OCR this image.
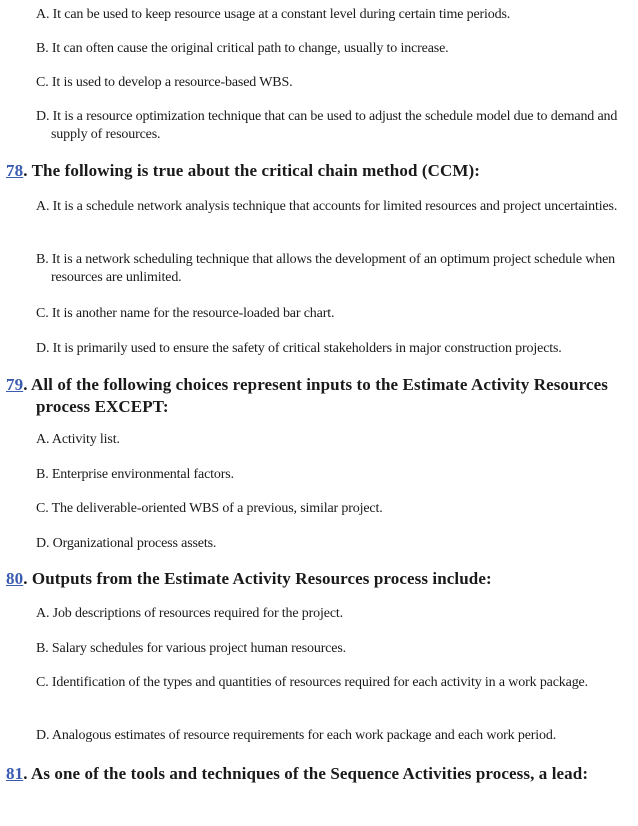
A. It can be used to keep resource usage at a constant level during certain time periods.
B. It can often cause the original critical path to change, usually to increase.
C. It is used to develop a resource-based WBS.
D. It is a resource optimization technique that can be used to adjust the schedule model due to demand and supply of resources.
78. The following is true about the critical chain method (CCM):
A. It is a schedule network analysis technique that accounts for limited resources and project uncertainties.
B. It is a network scheduling technique that allows the development of an optimum project schedule when resources are unlimited.
C. It is another name for the resource-loaded bar chart.
D. It is primarily used to ensure the safety of critical stakeholders in major construction projects.
79. All of the following choices represent inputs to the Estimate Activity Resources process EXCEPT:
A. Activity list.
B. Enterprise environmental factors.
C. The deliverable-oriented WBS of a previous, similar project.
D. Organizational process assets.
80. Outputs from the Estimate Activity Resources process include:
A. Job descriptions of resources required for the project.
B. Salary schedules for various project human resources.
C. Identification of the types and quantities of resources required for each activity in a work package.
D. Analogous estimates of resource requirements for each work package and each work period.
81. As one of the tools and techniques of the Sequence Activities process, a lead:
